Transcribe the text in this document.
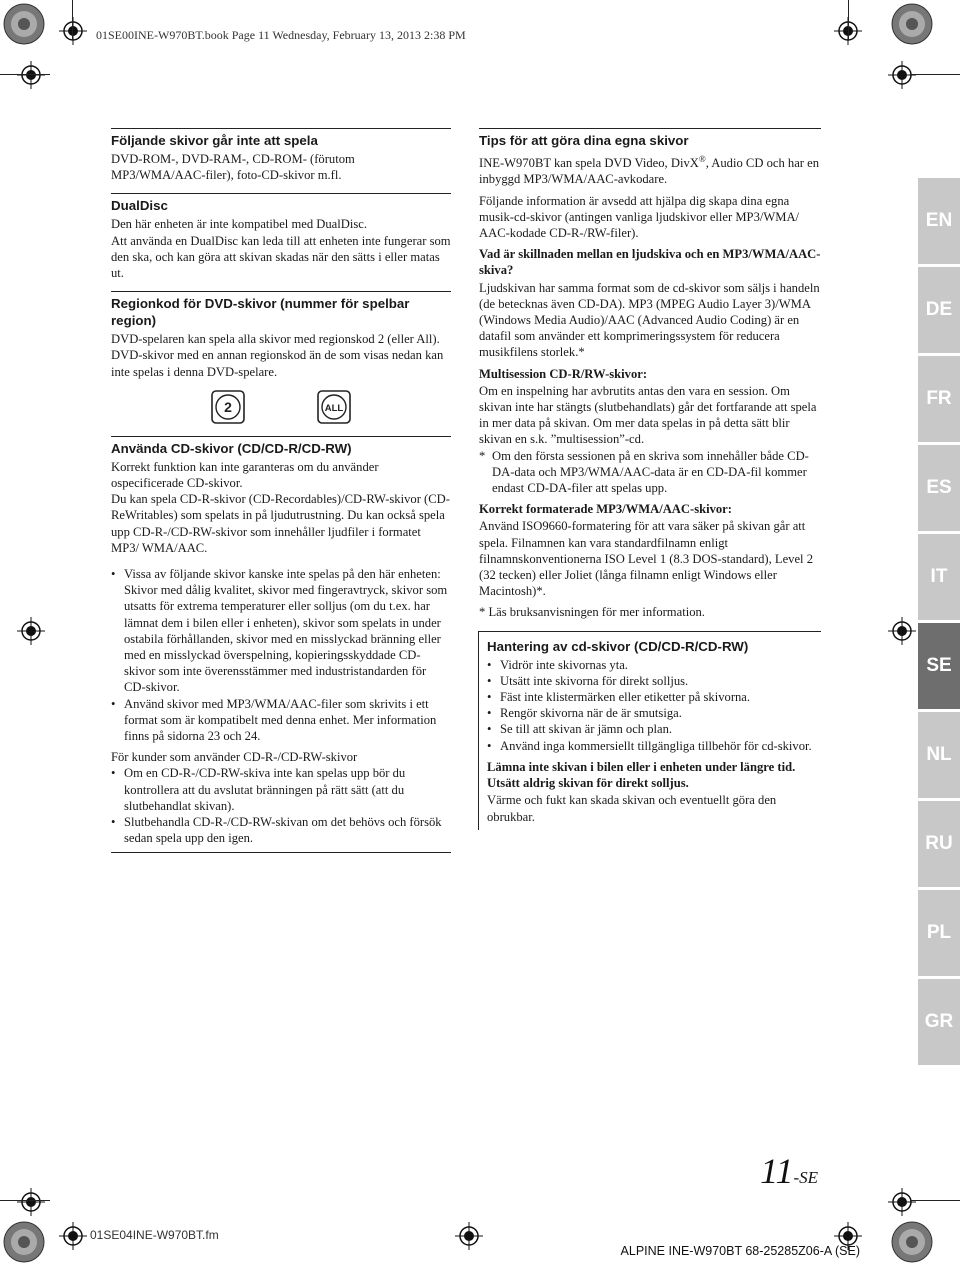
01SE00INE-W970BT.book Page 11 Wednesday, February 13, 2013 2:38 PM
Följande skivor går inte att spela

DVD-ROM-, DVD-RAM-, CD-ROM- (förutom MP3/WMA/AAC-filer), foto-CD-skivor m.fl.

DualDisc

Den här enheten är inte kompatibel med DualDisc.

Att använda en DualDisc kan leda till att enheten inte fungerar som den ska, och kan göra att skivan skadas när den sätts i eller matas ut.

Regionkod för DVD-skivor (nummer för spelbar region)

DVD-spelaren kan spela alla skivor med regionskod 2 (eller All).

DVD-skivor med en annan regionskod än de som visas nedan kan inte spelas i denna DVD-spelare.

2	ALL
Använda CD-skivor (CD/CD-R/CD-RW)

Korrekt funktion kan inte garanteras om du använder ospecificerade CD-skivor.

Du kan spela CD-R-skivor (CD-Recordables)/CD-RW-skivor (CD-ReWritables) som spelats in på ljudutrustning. Du kan också spela upp CD-R-/CD-RW-skivor som innehåller ljudfiler i formatet MP3/ WMA/AAC.

• Vissa av följande skivor kanske inte spelas på den här enheten: Skivor med dålig kvalitet, skivor med fingeravtryck, skivor som utsatts för extrema temperaturer eller solljus (om du t.ex. har lämnat dem i bilen eller i enheten), skivor som spelats in under ostabila förhållanden, skivor med en misslyckad bränning eller med en misslyckad överspelning, kopieringsskyddade CD-skivor som inte överensstämmer med industristandarden för CD-skivor.
• Använd skivor med MP3/WMA/AAC-filer som skrivits i ett format som är kompatibelt med denna enhet. Mer information finns på sidorna 23 och 24.

För kunder som använder CD-R-/CD-RW-skivor

• Om en CD-R-/CD-RW-skiva inte kan spelas upp bör du kontrollera att du avslutat bränningen på rätt sätt (att du slutbehandlat skivan).
• Slutbehandla CD-R-/CD-RW-skivan om det behövs och försök sedan spela upp den igen.
Tips för att göra dina egna skivor

INE-W970BT kan spela DVD Video, DivX®, Audio CD och har en inbyggd MP3/WMA/AAC-avkodare.

Följande information är avsedd att hjälpa dig skapa dina egna musik-cd-skivor (antingen vanliga ljudskivor eller MP3/WMA/ AAC-kodade CD-R-/RW-filer).

Vad är skillnaden mellan en ljudskiva och en MP3/WMA/AAC-skiva?

Ljudskivan har samma format som de cd-skivor som säljs i handeln (de betecknas även CD-DA). MP3 (MPEG Audio Layer 3)/WMA (Windows Media Audio)/AAC (Advanced Audio Coding) är en datafil som använder ett komprimeringssystem för reducera musikfilens storlek.*

Multisession CD-R/RW-skivor:

Om en inspelning har avbrutits antas den vara en session. Om skivan inte har stängts (slutbehandlats) går det fortfarande att spela in mer data på skivan. Om mer data spelas in på detta sätt blir skivan en s.k. ”multisession”-cd.

* Om den första sessionen på en skriva som innehåller både CD-DA-data och MP3/WMA/AAC-data är en CD-DA-fil kommer endast CD-DA-filer att spelas upp.

Korrekt formaterade MP3/WMA/AAC-skivor:

Använd ISO9660-formatering för att vara säker på skivan går att spela. Filnamnen kan vara standardfilnamn enligt filnamnskonventionerna ISO Level 1 (8.3 DOS-standard), Level 2 (32 tecken) eller Joliet (långa filnamn enligt Windows eller Macintosh)*.

* Läs bruksanvisningen för mer information.

Hantering av cd-skivor (CD/CD-R/CD-RW)
• Vidrör inte skivornas yta.
• Utsätt inte skivorna för direkt solljus.
• Fäst inte klistermärken eller etiketter på skivorna.
• Rengör skivorna när de är smutsiga.
• Se till att skivan är jämn och plan.
• Använd inga kommersiellt tillgängliga tillbehör för cd-skivor.
Lämna inte skivan i bilen eller i enheten under längre tid. Utsätt aldrig skivan för direkt solljus.

Värme och fukt kan skada skivan och eventuellt göra den obrukbar.

EN
DE
FR
ES
IT
SE
NL
RU
PL
GR
11-SE
01SE04INE-W970BT.fm
ALPINE INE-W970BT 68-25285Z06-A (SE)
